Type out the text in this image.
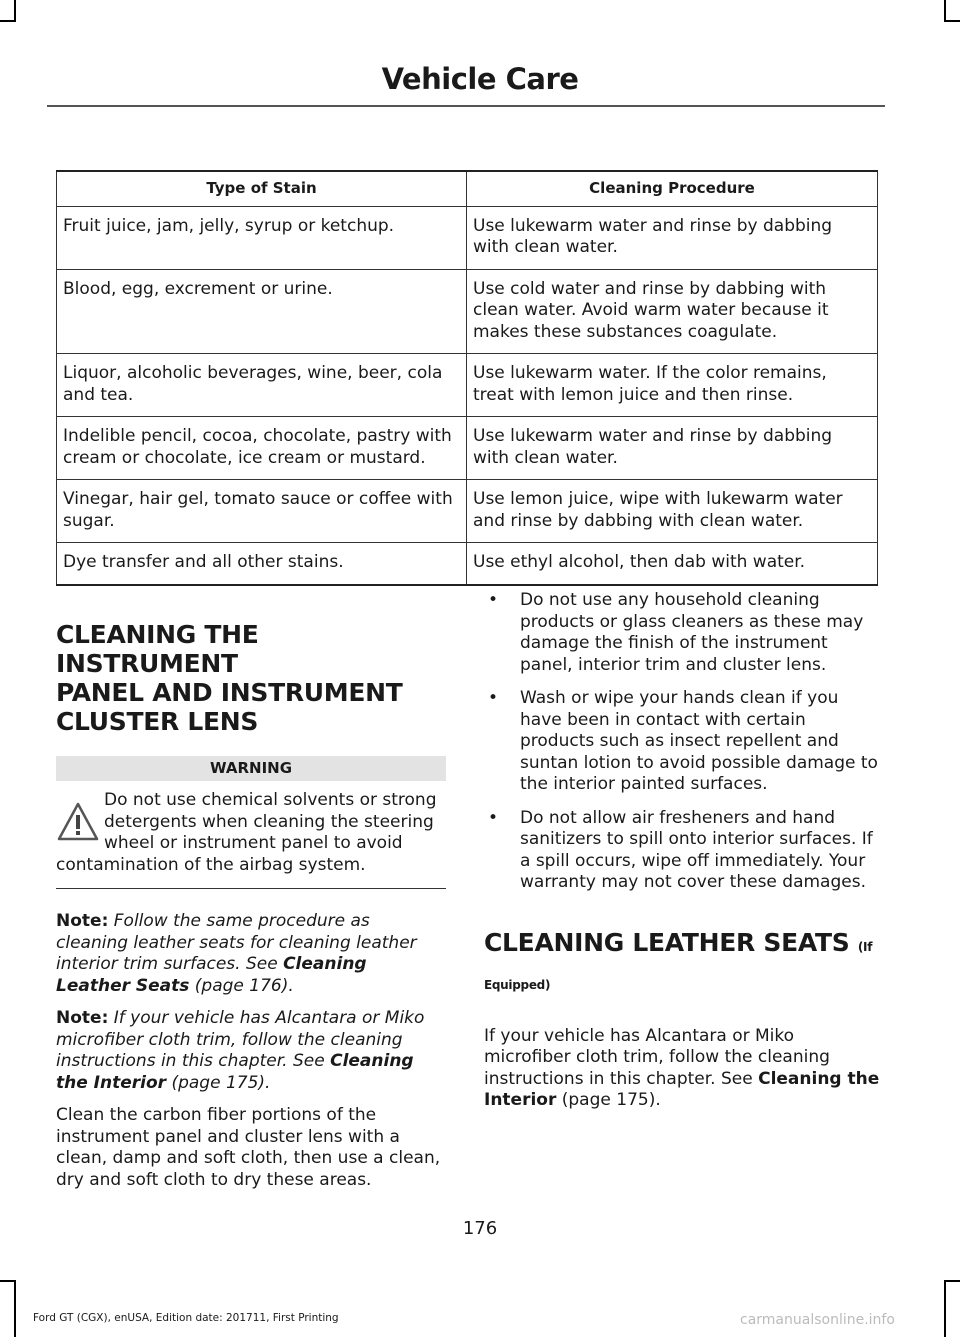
Vehicle Care
Type of Stain	Cleaning Procedure
Fruit juice, jam, jelly, syrup or ketchup.	Use lukewarm water and rinse by dabbing with clean water.
Blood, egg, excrement or urine.	Use cold water and rinse by dabbing with clean water. Avoid warm water because it makes these substances coagulate.
Liquor, alcoholic beverages, wine, beer, cola and tea.	Use lukewarm water. If the color remains, treat with lemon juice and then rinse.
Indelible pencil, cocoa, chocolate, pastry with cream or chocolate, ice cream or mustard.	Use lukewarm water and rinse by dabbing with clean water.
Vinegar, hair gel, tomato sauce or coffee with sugar.	Use lemon juice, wipe with lukewarm water and rinse by dabbing with clean water.
Dye transfer and all other stains.	Use ethyl alcohol, then dab with water.
CLEANING THE INSTRUMENT
PANEL AND INSTRUMENT
CLUSTER LENS
WARNING
Do not use chemical solvents or strong detergents when cleaning the steering wheel or instrument panel to avoid contamination of the airbag system.

Note: Follow the same procedure as cleaning leather seats for cleaning leather interior trim surfaces. See Cleaning Leather Seats (page 176).

Note: If your vehicle has Alcantara or Miko microfiber cloth trim, follow the cleaning instructions in this chapter. See Cleaning the Interior (page 175).

Clean the carbon fiber portions of the instrument panel and cluster lens with a clean, damp and soft cloth, then use a clean, dry and soft cloth to dry these areas.

• Do not use any household cleaning products or glass cleaners as these may damage the finish of the instrument panel, interior trim and cluster lens.
• Wash or wipe your hands clean if you have been in contact with certain products such as insect repellent and suntan lotion to avoid possible damage to the interior painted surfaces.
• Do not allow air fresheners and hand sanitizers to spill onto interior surfaces. If a spill occurs, wipe off immediately. Your warranty may not cover these damages.
CLEANING LEATHER SEATS (If
Equipped)

If your vehicle has Alcantara or Miko microfiber cloth trim, follow the cleaning instructions in this chapter. See Cleaning the Interior (page 175).

176
Ford GT (CGX), enUSA, Edition date: 201711, First Printing	carmanualsonline.info
